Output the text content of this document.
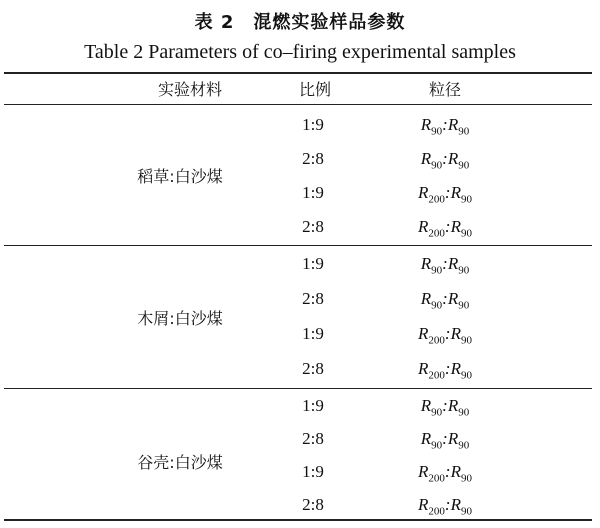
表 2　混燃实验样品参数
Table 2 Parameters of co–firing experimental samples
实验材料	比例	粒径
稻草:白沙煤
1:9	$R_{90}:R_{90}$
2:8	$R_{90}:R_{90}$
1:9	$R_{200}:R_{90}$
2:8	$R_{200}:R_{90}$
木屑:白沙煤
1:9	$R_{90}:R_{90}$
2:8	$R_{90}:R_{90}$
1:9	$R_{200}:R_{90}$
2:8	$R_{200}:R_{90}$
谷壳:白沙煤
1:9	$R_{90}:R_{90}$
2:8	$R_{90}:R_{90}$
1:9	$R_{200}:R_{90}$
2:8	$R_{200}:R_{90}$
